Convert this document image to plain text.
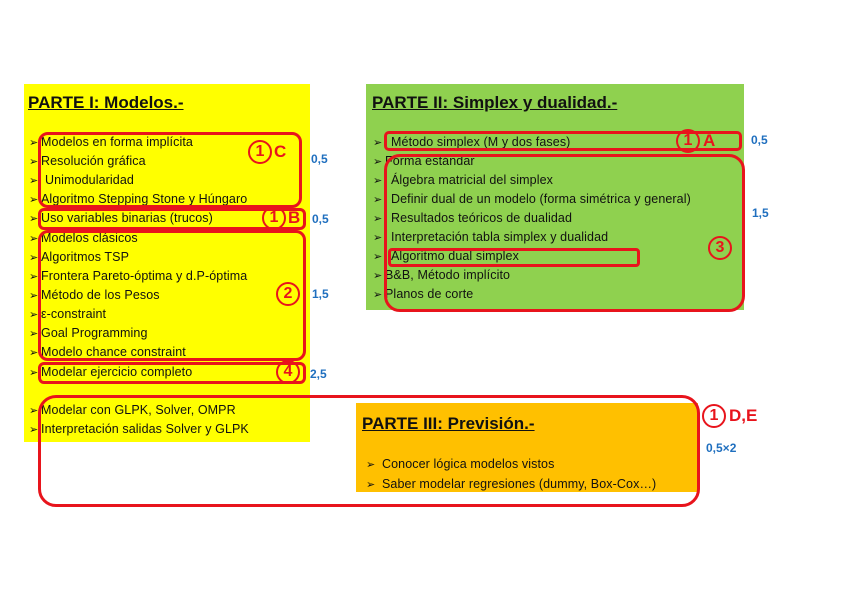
PARTE I: Modelos.-	PARTE II: Simplex y dualidad.-
PARTE III: Previsión.-
➢ Modelos en forma implícita
➢ Resolución gráfica
➢ Unimodularidad
➢ Algoritmo Stepping Stone y Húngaro
➢ Uso variables binarias (trucos)
➢ Modelos clásicos
➢ Algoritmos TSP
➢ Frontera Pareto-óptima y d.P-óptima
➢ Método de los Pesos
➢ ε-constraint
➢ Goal Programming
➢ Modelo chance constraint
➢ Modelar ejercicio completo
➢ Modelar con GLPK, Solver, OMPR
➢ Interpretación salidas Solver y GLPK
➢ Método simplex (M y dos fases)
➢ Forma estándar
➢ Álgebra matricial del simplex
➢ Definir dual de un modelo (forma simétrica y general)
➢ Resultados teóricos de dualidad
➢ Interpretación tabla simplex y dualidad
➢ Algoritmo dual simplex
➢ B&B, Método implícito
➢ Planos de corte
➢ Conocer lógica modelos vistos
➢ Saber modelar regresiones (dummy, Box-Cox…)
1 C 0,5
1 B 0,5
2	1,5
4	2,5
1 A	0,5
3
1,5
1 D,E
0,5×2
